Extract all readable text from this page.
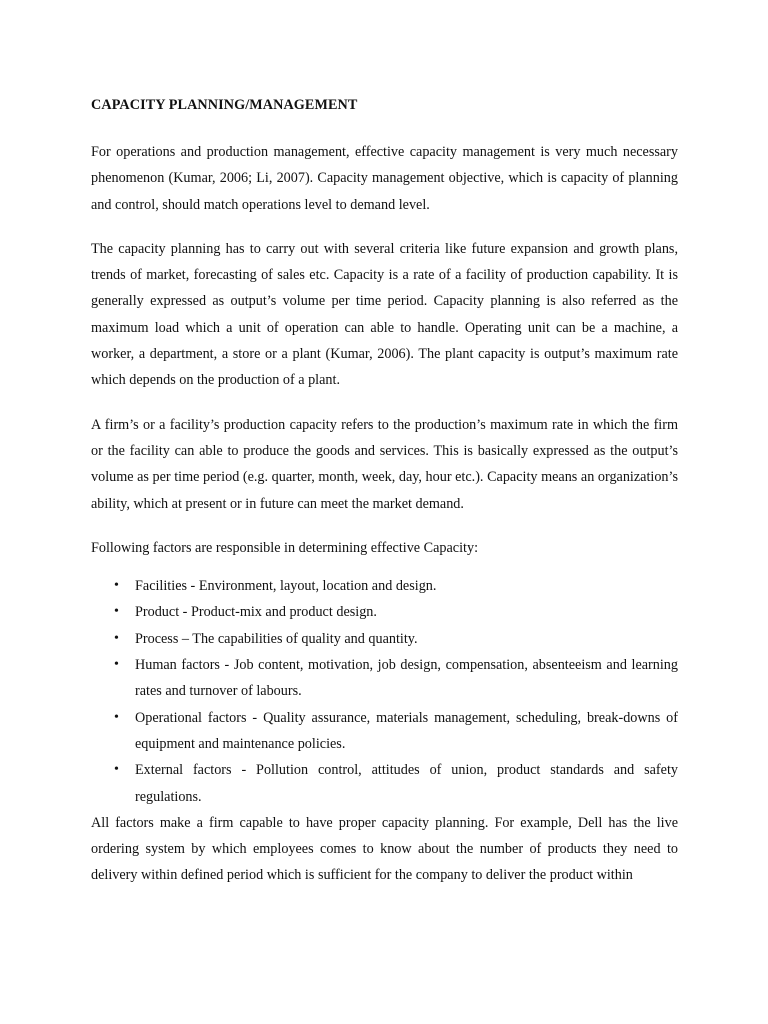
CAPACITY PLANNING/MANAGEMENT

For operations and production management, effective capacity management is very much necessary phenomenon (Kumar, 2006; Li, 2007). Capacity management objective, which is capacity of planning and control, should match operations level to demand level.

The capacity planning has to carry out with several criteria like future expansion and growth plans, trends of market, forecasting of sales etc. Capacity is a rate of a facility of production capability. It is generally expressed as output’s volume per time period. Capacity planning is also referred as the maximum load which a unit of operation can able to handle. Operating unit can be a machine, a worker, a department, a store or a plant (Kumar, 2006). The plant capacity is output’s maximum rate which depends on the production of a plant.

A firm’s or a facility’s production capacity refers to the production’s maximum rate in which the firm or the facility can able to produce the goods and services. This is basically expressed as the output’s volume as per time period (e.g. quarter, month, week, day, hour etc.). Capacity means an organization’s ability, which at present or in future can meet the market demand.

Following factors are responsible in determining effective Capacity:

• Facilities - Environment, layout, location and design.
• Product - Product-mix and product design.
• Process – The capabilities of quality and quantity.
• Human factors - Job content, motivation, job design, compensation, absenteeism and learning rates and turnover of labours.
• Operational factors - Quality assurance, materials management, scheduling, break-downs of equipment and maintenance policies.
• External factors - Pollution control, attitudes of union, product standards and safety regulations.

All factors make a firm capable to have proper capacity planning. For example, Dell has the live ordering system by which employees comes to know about the number of products they need to delivery within defined period which is sufficient for the company to deliver the product within
